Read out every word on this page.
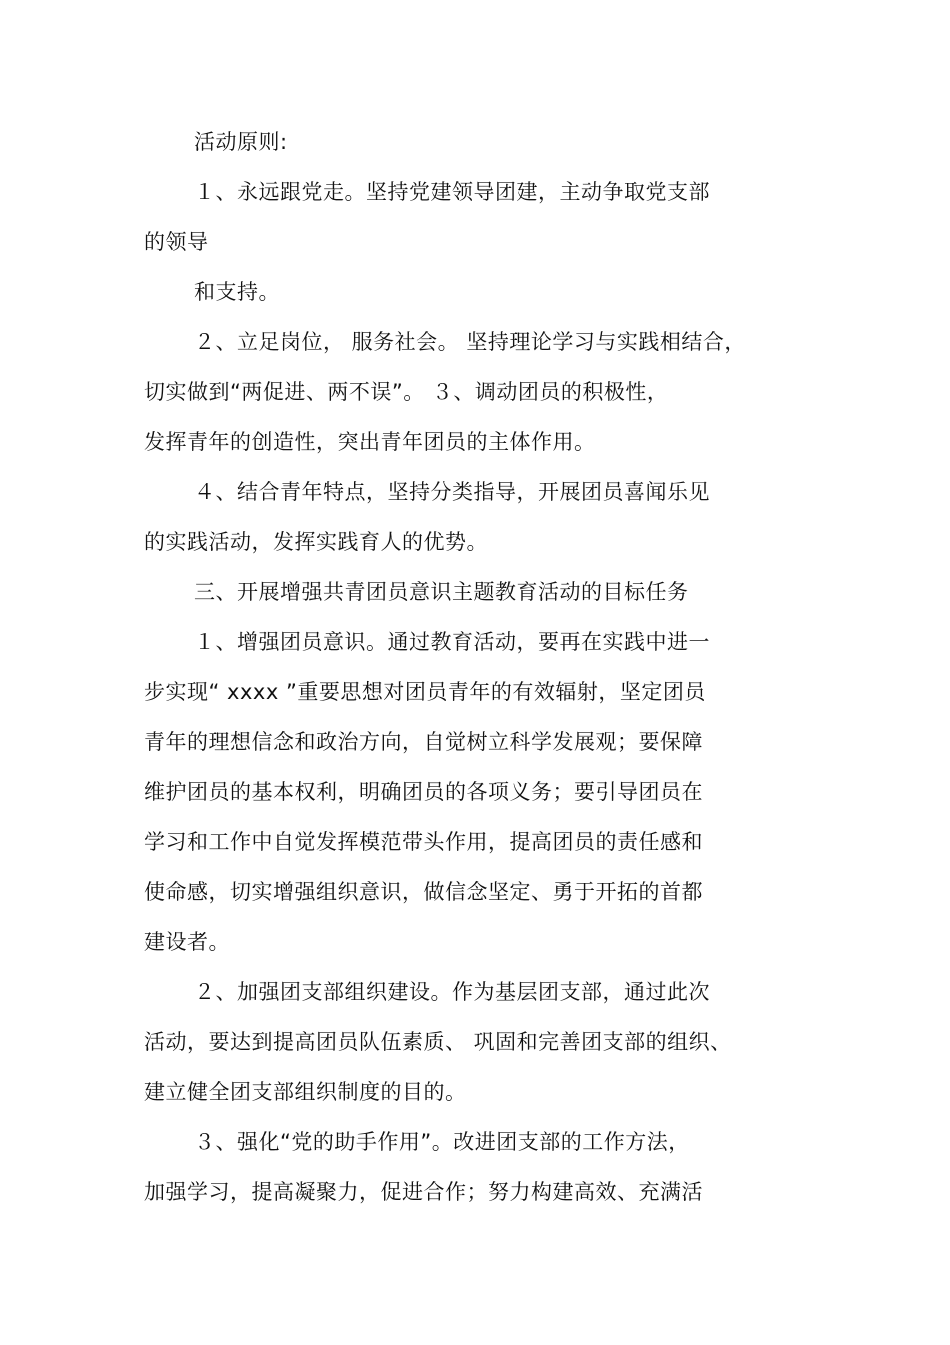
活动原则:
１、永远跟党走。坚持党建领导团建，主动争取党支部
的领导
和支持。
２、立足岗位， 服务社会。 坚持理论学习与实践相结合，
切实做到“两促进、两不误”。 ３、调动团员的积极性，
发挥青年的创造性，突出青年团员的主体作用。
４、结合青年特点，坚持分类指导，开展团员喜闻乐见
的实践活动，发挥实践育人的优势。
三、开展增强共青团员意识主题教育活动的目标任务
１、增强团员意识。通过教育活动，要再在实践中进一
步实现“ xxxx ”重要思想对团员青年的有效辐射，坚定团员
青年的理想信念和政治方向，自觉树立科学发展观；要保障
维护团员的基本权利，明确团员的各项义务；要引导团员在
学习和工作中自觉发挥模范带头作用，提高团员的责任感和
使命感，切实增强组织意识，做信念坚定、勇于开拓的首都
建设者。
２、加强团支部组织建设。作为基层团支部，通过此次
活动，要达到提高团员队伍素质、 巩固和完善团支部的组织、
建立健全团支部组织制度的目的。
３、强化“党的助手作用”。改进团支部的工作方法，
加强学习，提高凝聚力，促进合作；努力构建高效、充满活
